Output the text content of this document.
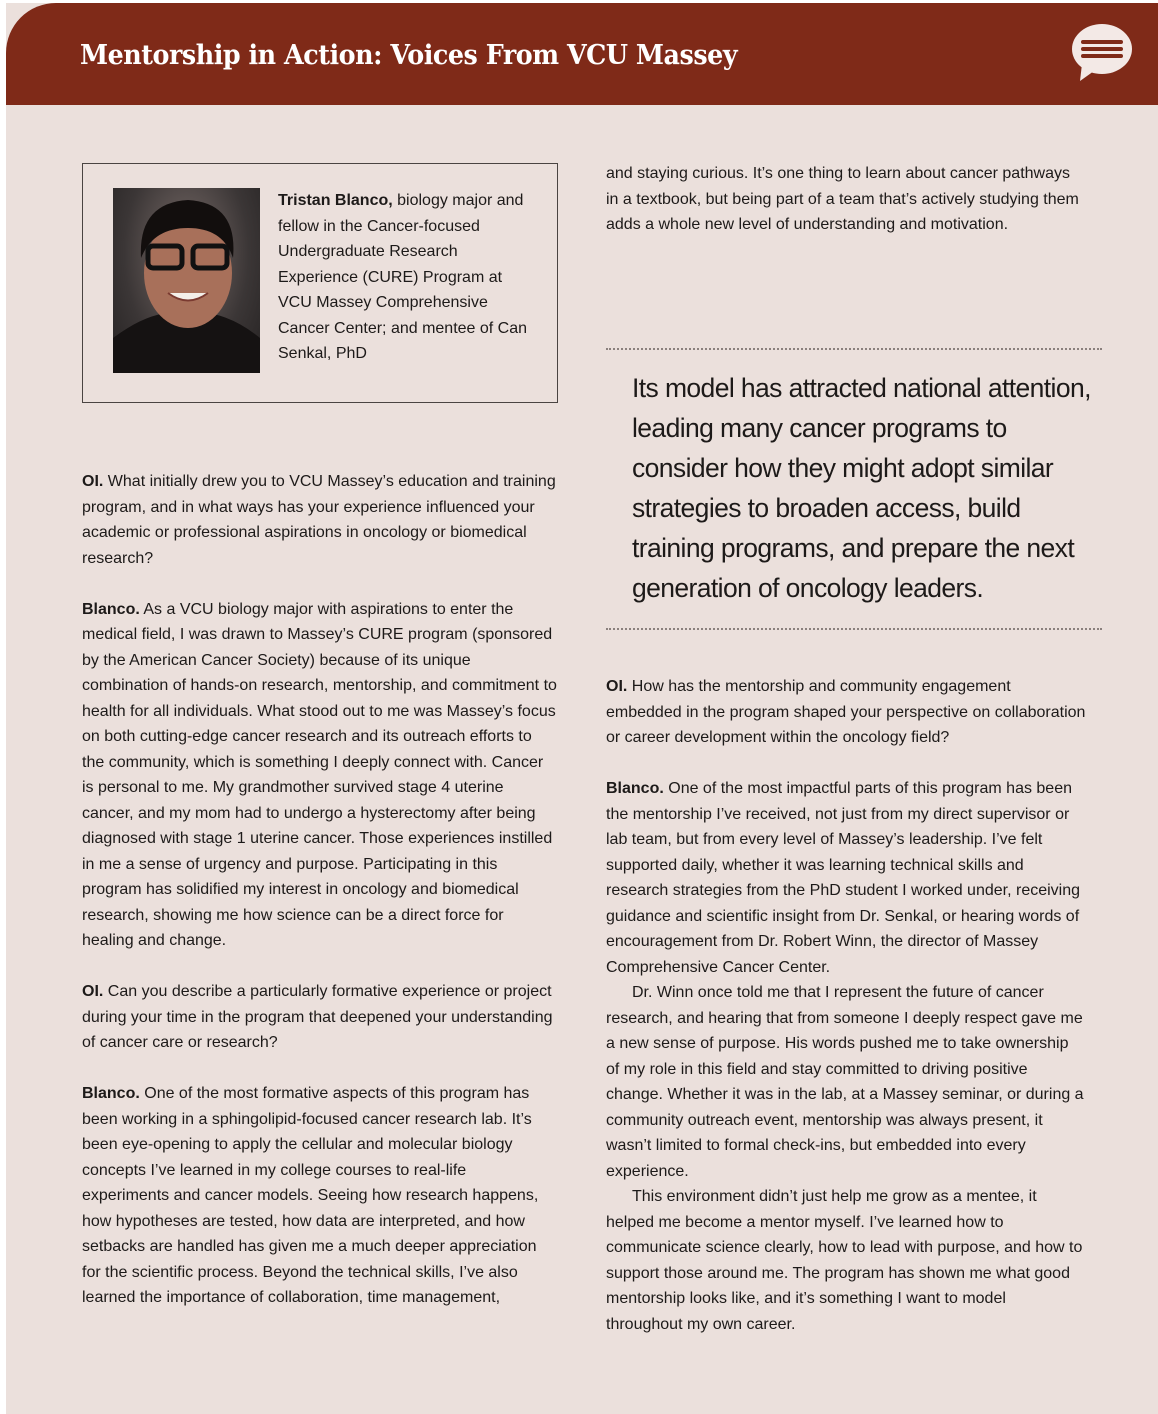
Mentorship in Action: Voices From VCU Massey
Tristan Blanco, biology major and fellow in the Cancer-focused Undergraduate Research Experience (CURE) Program at VCU Massey Comprehensive Cancer Center; and mentee of Can Senkal, PhD

OI. What initially drew you to VCU Massey’s education and training program, and in what ways has your experience influenced your academic or professional aspirations in oncology or biomedical research?

Blanco. As a VCU biology major with aspirations to enter the medical field, I was drawn to Massey’s CURE program (sponsored by the American Cancer Society) because of its unique combination of hands-on research, mentorship, and commitment to health for all individuals. What stood out to me was Massey’s focus on both cutting-edge cancer research and its outreach efforts to the community, which is something I deeply connect with. Cancer is personal to me. My grandmother survived stage 4 uterine cancer, and my mom had to undergo a hysterectomy after being diagnosed with stage 1 uterine cancer. Those experiences instilled in me a sense of urgency and purpose. Participating in this program has solidified my interest in oncology and biomedical research, showing me how science can be a direct force for healing and change.

OI. Can you describe a particularly formative experience or project during your time in the program that deepened your understanding of cancer care or research?

Blanco. One of the most formative aspects of this program has been working in a sphingolipid-focused cancer research lab. It’s been eye-opening to apply the cellular and molecular biology concepts I’ve learned in my college courses to real-life experiments and cancer models. Seeing how research happens, how hypotheses are tested, how data are interpreted, and how setbacks are handled has given me a much deeper appreciation for the scientific process. Beyond the technical skills, I’ve also learned the importance of collaboration, time management,

and staying curious. It’s one thing to learn about cancer pathways in a textbook, but being part of a team that’s actively studying them adds a whole new level of understanding and motivation.

Its model has attracted national attention, leading many cancer programs to consider how they might adopt similar strategies to broaden access, build training programs, and prepare the next generation of oncology leaders.

OI. How has the mentorship and community engagement embedded in the program shaped your perspective on collaboration or career development within the oncology field?

Blanco. One of the most impactful parts of this program has been the mentorship I’ve received, not just from my direct supervisor or lab team, but from every level of Massey’s leadership. I’ve felt supported daily, whether it was learning technical skills and research strategies from the PhD student I worked under, receiving guidance and scientific insight from Dr. Senkal, or hearing words of encouragement from Dr. Robert Winn, the director of Massey Comprehensive Cancer Center.

Dr. Winn once told me that I represent the future of cancer research, and hearing that from someone I deeply respect gave me a new sense of purpose. His words pushed me to take ownership of my role in this field and stay committed to driving positive change. Whether it was in the lab, at a Massey seminar, or during a community outreach event, mentorship was always present, it wasn’t limited to formal check-ins, but embedded into every experience.

This environment didn’t just help me grow as a mentee, it helped me become a mentor myself. I’ve learned how to communicate science clearly, how to lead with purpose, and how to support those around me. The program has shown me what good mentorship looks like, and it’s something I want to model throughout my own career.
